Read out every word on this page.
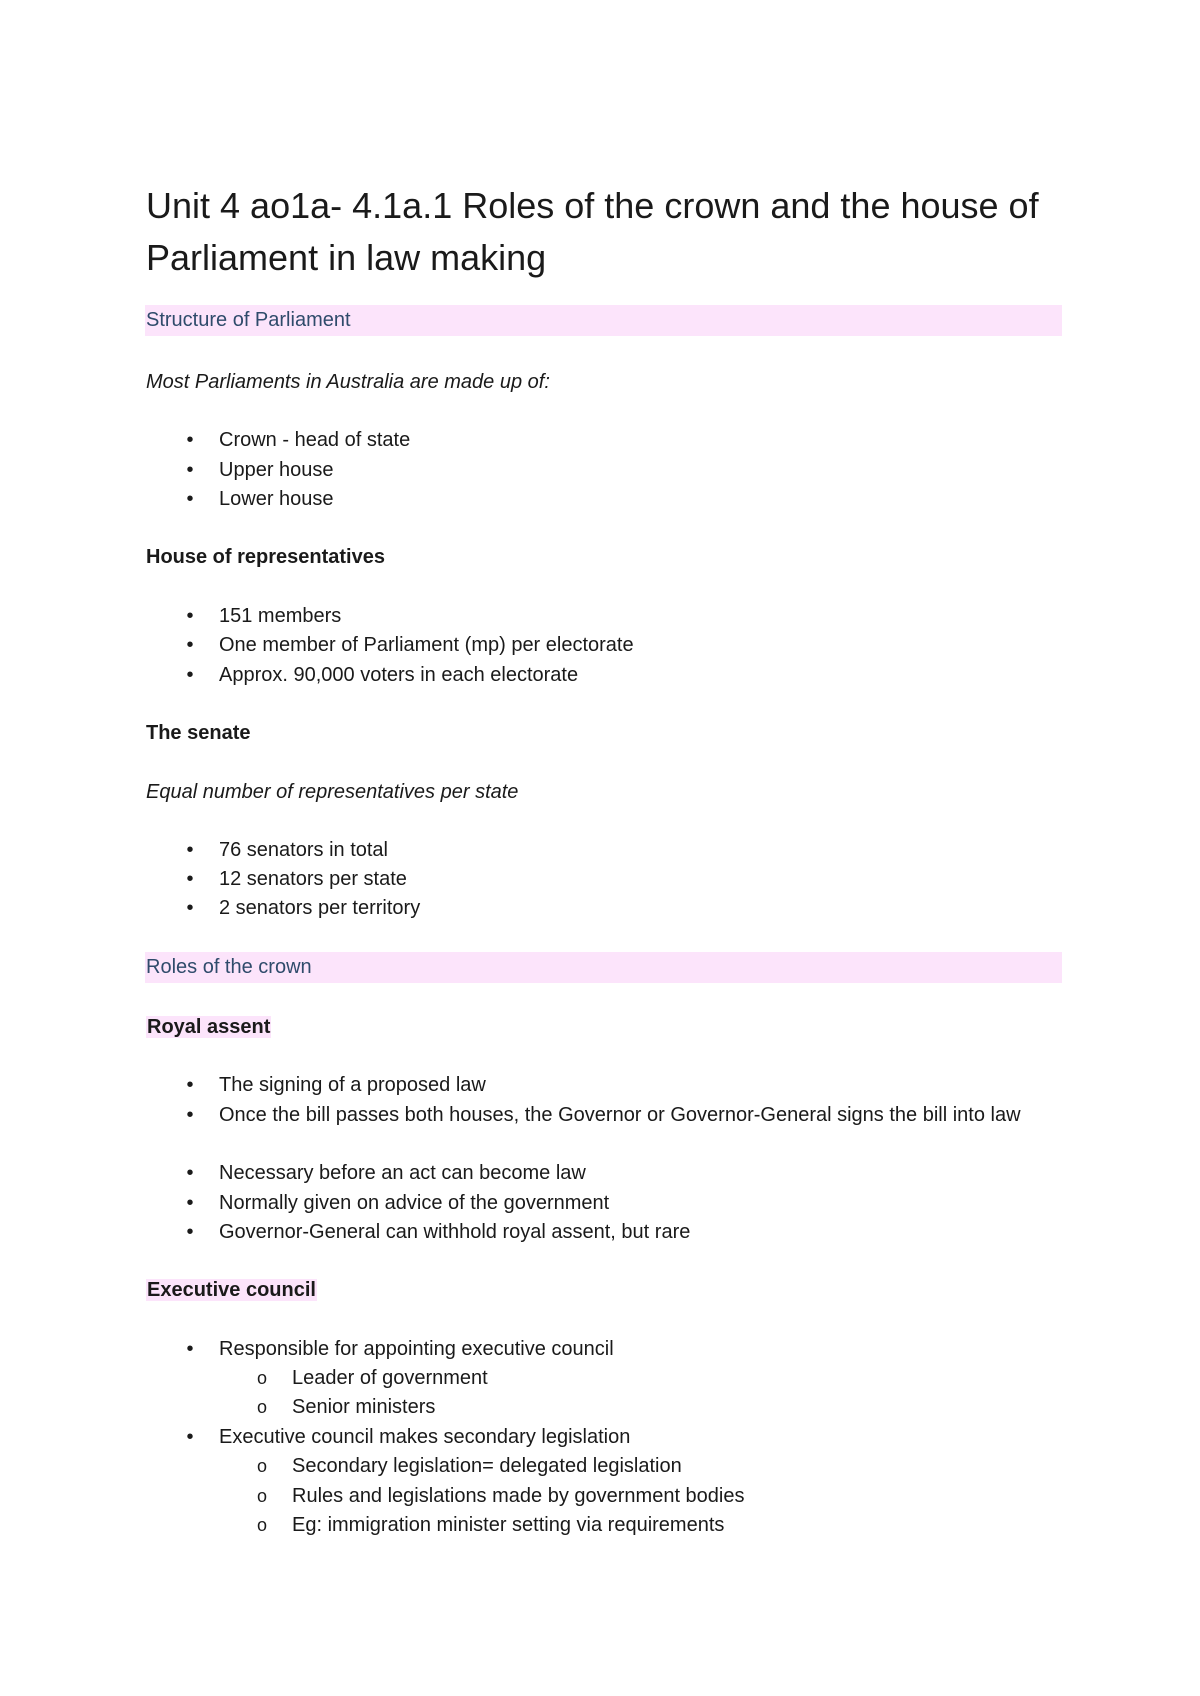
Unit 4 ao1a- 4.1a.1 Roles of the crown and the house of Parliament in law making
Structure of Parliament
Most Parliaments in Australia are made up of:
• Crown - head of state
• Upper house
• Lower house
House of representatives
• 151 members
• One member of Parliament (mp) per electorate
• Approx. 90,000 voters in each electorate
The senate
Equal number of representatives per state
• 76 senators in total
• 12 senators per state
• 2 senators per territory
Roles of the crown
Royal assent
• The signing of a proposed law
• Once the bill passes both houses, the Governor or Governor-General signs the bill into law
• Necessary before an act can become law
• Normally given on advice of the government
• Governor-General can withhold royal assent, but rare
Executive council
• Responsible for appointing executive council
o Leader of government
o Senior ministers
• Executive council makes secondary legislation
o Secondary legislation= delegated legislation
o Rules and legislations made by government bodies
o Eg: immigration minister setting via requirements
